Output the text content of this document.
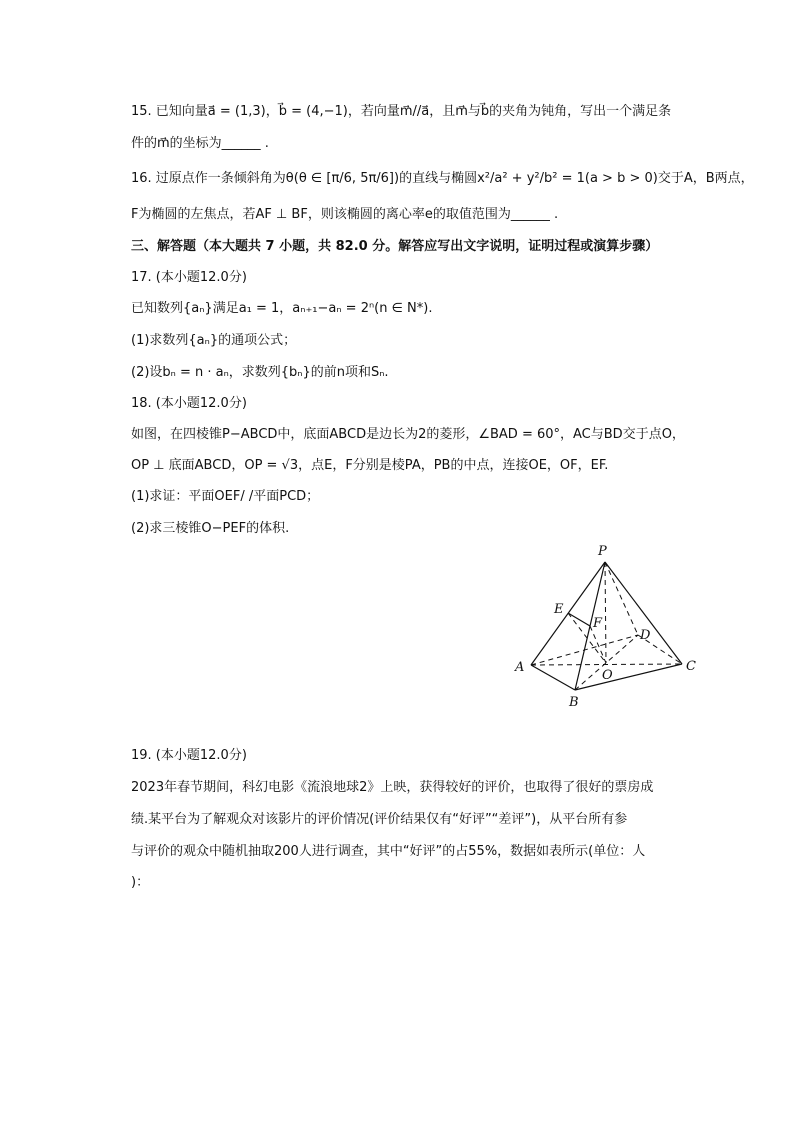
15. 已知向量a⃗ = (1,3)，b⃗ = (4,−1)，若向量m⃗//a⃗，且m⃗与b⃗的夹角为钝角，写出一个满足条
件的m⃗的坐标为______ .
16. 过原点作一条倾斜角为θ(θ ∈ [π/6, 5π/6])的直线与椭圆x²/a² + y²/b² = 1(a > b > 0)交于A，B两点，
F为椭圆的左焦点，若AF ⊥ BF，则该椭圆的离心率e的取值范围为______ .
三、解答题（本大题共 7 小题，共 82.0 分。解答应写出文字说明，证明过程或演算步骤）
17. (本小题12.0分)
已知数列{aₙ}满足a₁ = 1，aₙ₊₁−aₙ = 2ⁿ(n ∈ N*).
(1)求数列{aₙ}的通项公式；
(2)设bₙ = n · aₙ，求数列{bₙ}的前n项和Sₙ.
18. (本小题12.0分)
如图，在四棱锥P−ABCD中，底面ABCD是边长为2的菱形，∠BAD = 60°，AC与BD交于点O，
OP ⊥ 底面ABCD，OP = √3，点E，F分别是棱PA，PB的中点，连接OE，OF，EF.
(1)求证：平面OEF/ /平面PCD；
(2)求三棱锥O−PEF的体积.
P
E
F
D
A
O
C
B
19. (本小题12.0分)
2023年春节期间，科幻电影《流浪地球2》上映，获得较好的评价，也取得了很好的票房成
绩.某平台为了解观众对该影片的评价情况(评价结果仅有“好评”“差评”)，从平台所有参
与评价的观众中随机抽取200人进行调查，其中“好评”的占55%，数据如表所示(单位：人
)：
